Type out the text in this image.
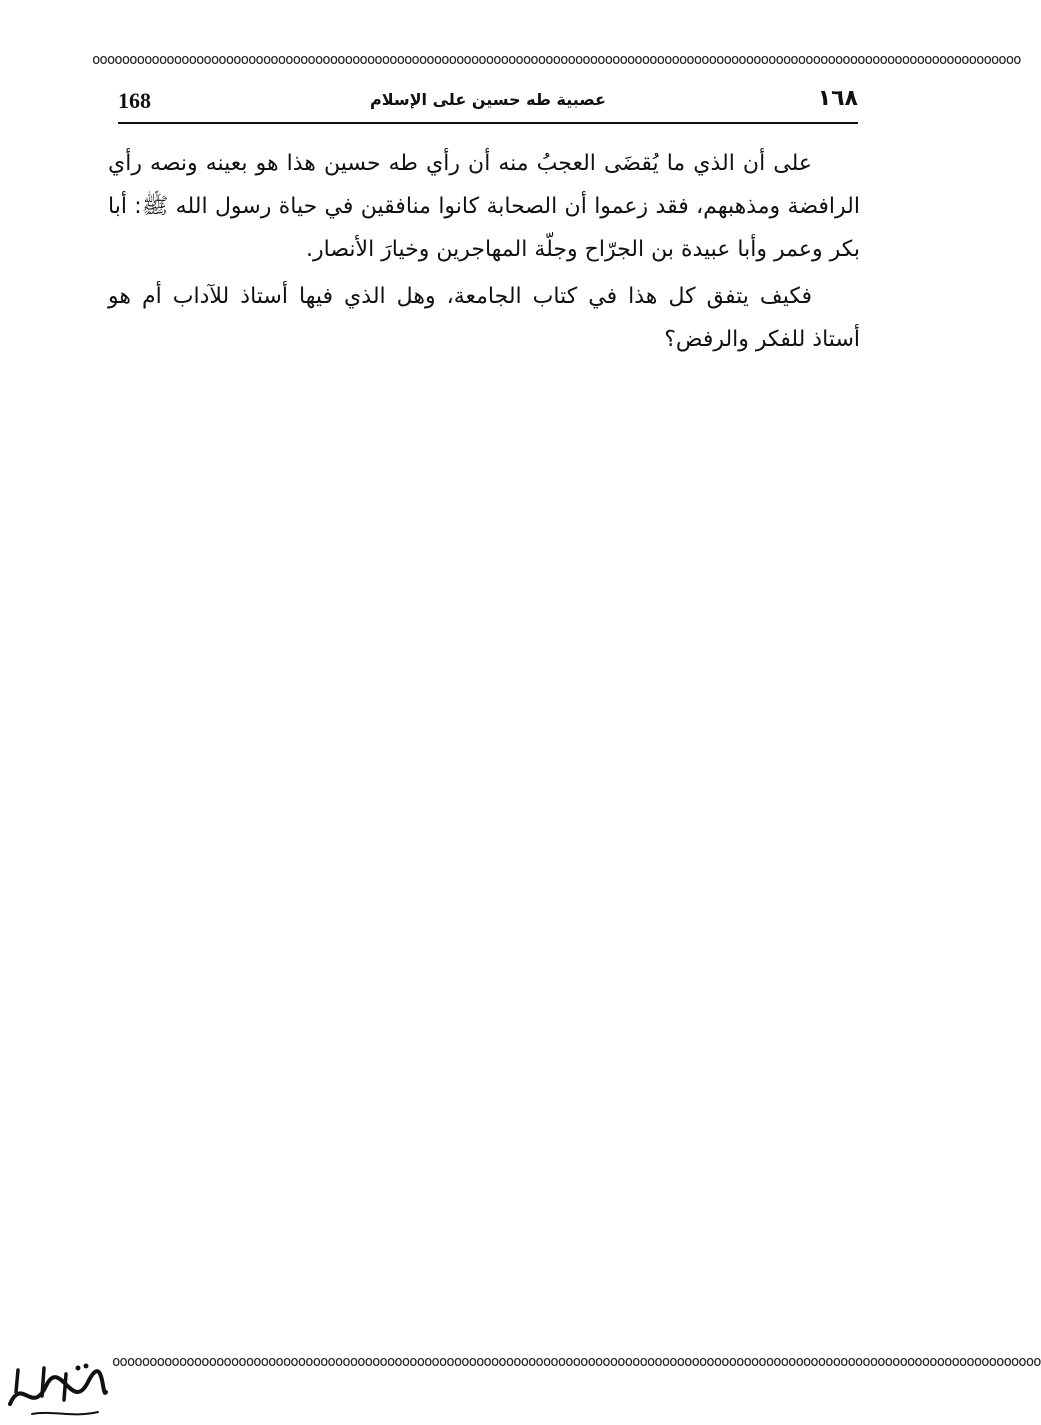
ooooooooooooooooooooooooooooooooooooooooooooooooooooooooooooooooooooooooooooooooooooooooooooooooooooooooooooooooooooooooooooo
168	عصبية طه حسين على الإسلام	١٦٨

على أن الذي ما يُقضَى العجبُ منه أن رأي طه حسين هذا هو بعينه ونصه رأي الرافضة ومذهبهم، فقد زعموا أن الصحابة كانوا منافقين في حياة رسول الله ﷺ: أبا بكر وعمر وأبا عبيدة بن الجرّاح وجلّة المهاجرين وخيارَ الأنصار.

فكيف يتفق كل هذا في كتاب الجامعة، وهل الذي فيها أستاذ للآداب أم هو أستاذ للفكر والرفض؟

ooooooooooooooooooooooooooooooooooooooooooooooooooooooooooooooooooooooooooooooooooooooooooooooooooooooooooooooooooooooooooooo
